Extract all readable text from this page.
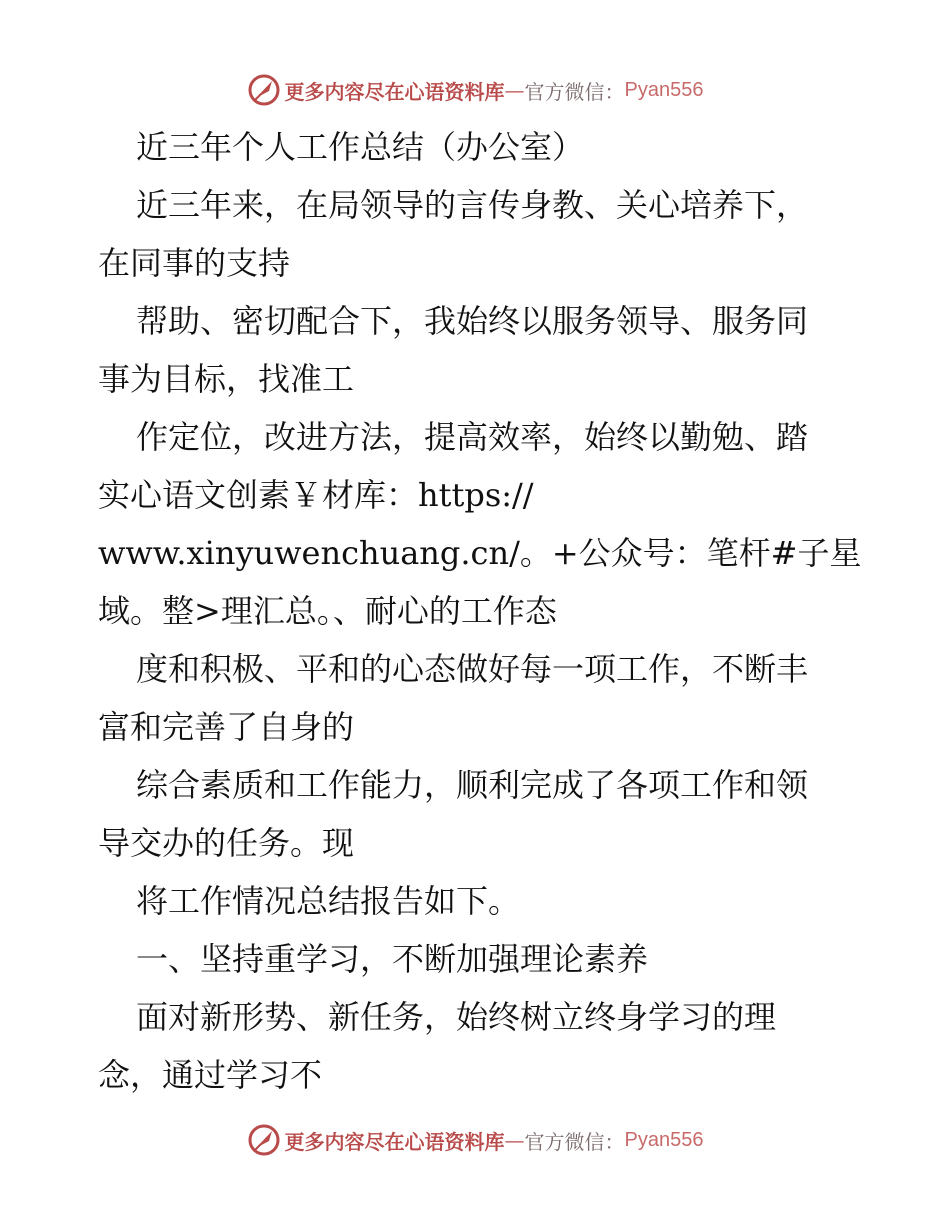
更多内容尽在心语资料库 — 官方微信： Pyan556
近三年个人工作总结（办公室）
近三年来，在局领导的言传身教、关心培养下，
在同事的支持
帮助、密切配合下，我始终以服务领导、服务同
事为目标，找准工
作定位，改进方法，提高效率，始终以勤勉、踏
实心语文创素￥材库：https://
www.xinyuwenchuang.cn/。+公众号：笔杆#子星
域。整>理汇总。、耐心的工作态
度和积极、平和的心态做好每一项工作，不断丰
富和完善了自身的
综合素质和工作能力，顺利完成了各项工作和领
导交办的任务。现
将工作情况总结报告如下。
一、坚持重学习，不断加强理论素养
面对新形势、新任务，始终树立终身学习的理
念，通过学习不
更多内容尽在心语资料库 — 官方微信： Pyan556
